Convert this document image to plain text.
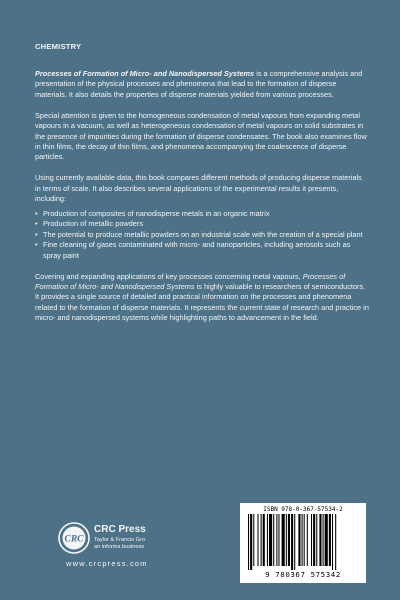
CHEMISTRY

Processes of Formation of Micro- and Nanodispersed Systems is a comprehensive analysis and presentation of the physical processes and phenomena that lead to the formation of disperse materials. It also details the properties of disperse materials yielded from various processes.

Special attention is given to the homogeneous condensation of metal vapours from expanding metal vapours in a vacuum, as well as heterogeneous condensation of metal vapours on solid substrates in the presence of impurities during the formation of disperse condensates. The book also examines flow in thin films, the decay of thin films, and phenomena accompanying the coalescence of disperse particles.

Using currently available data, this book compares different methods of producing disperse materials in terms of scale. It also describes several applications of the experimental results it presents, including:

• Production of composites of nanodisperse metals in an organic matrix
• Production of metallic powders
• The potential to produce metallic powders on an industrial scale with the creation of a special plant
• Fine cleaning of gases contaminated with micro- and nanoparticles, including aerosols such as spray paint

Covering and expanding applications of key processes concerning metal vapours, Processes of Formation of Micro- and Nanodispersed Systems is highly valuable to researchers of semiconductors. It provides a single source of detailed and practical information on the processes and phenomena related to the formation of disperse materials. It represents the current state of research and practice in micro- and nanodispersed systems while highlighting paths to advancement in the field.

CRC
CRC Press
Taylor & Francis Gro
an informa business
www.crcpress.com
ISBN 978-0-367-57534-2
9 780367 575342
